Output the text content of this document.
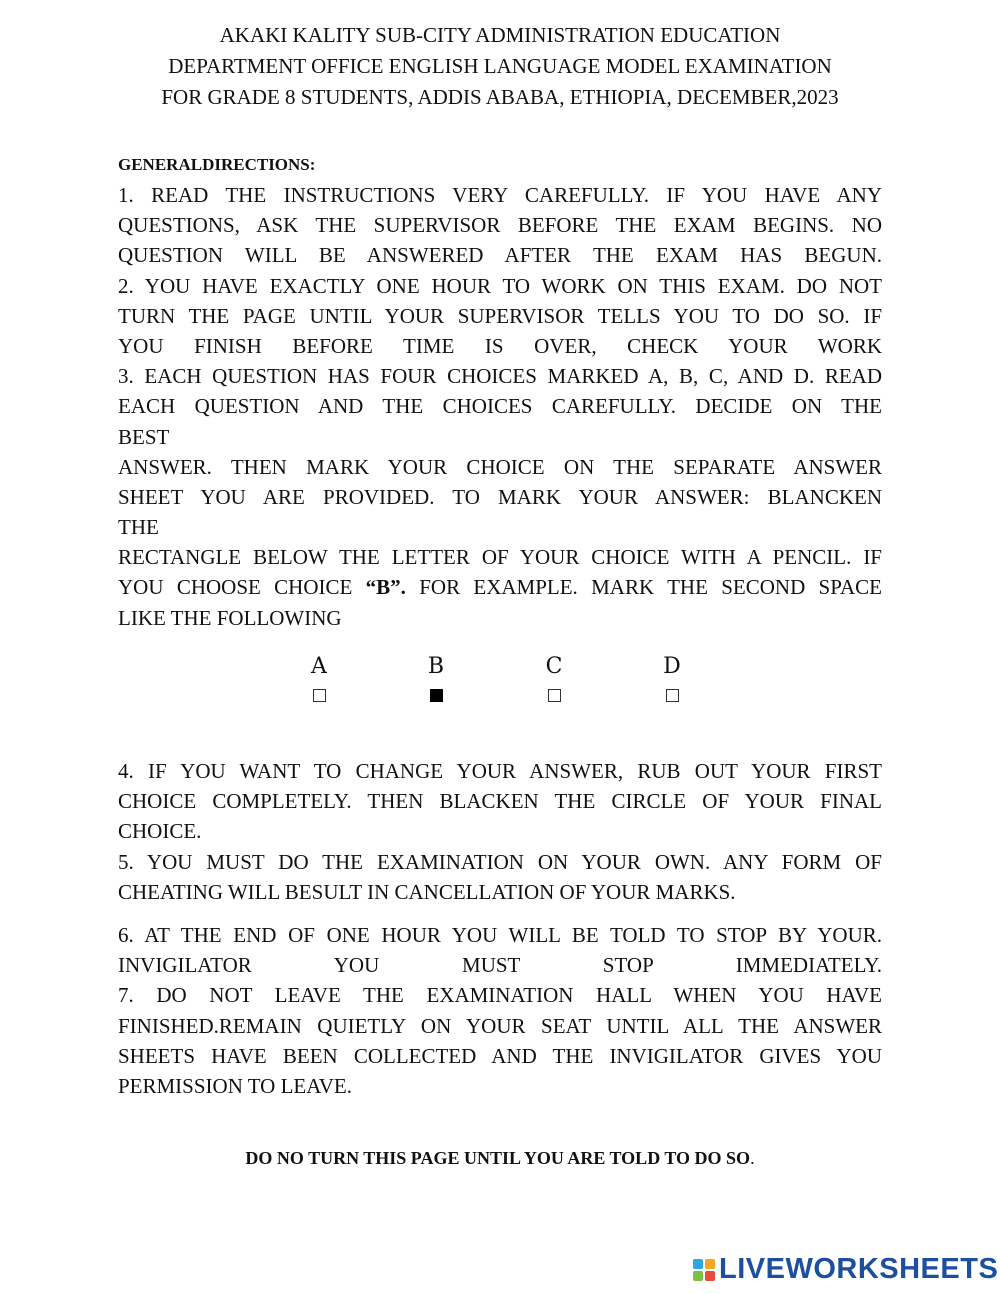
AKAKI KALITY SUB-CITY ADMINISTRATION EDUCATION
DEPARTMENT OFFICE ENGLISH LANGUAGE MODEL EXAMINATION
FOR GRADE 8 STUDENTS, ADDIS ABABA, ETHIOPIA, DECEMBER,2023
GENERALDIRECTIONS:
1. READ THE INSTRUCTIONS VERY CAREFULLY. IF YOU HAVE ANY
QUESTIONS, ASK THE SUPERVISOR BEFORE THE EXAM BEGINS. NO
QUESTION WILL BE ANSWERED AFTER THE EXAM HAS BEGUN.
2. YOU HAVE EXACTLY ONE HOUR TO WORK ON THIS EXAM. DO NOT
TURN THE PAGE UNTIL YOUR SUPERVISOR TELLS YOU TO DO SO. IF
YOU FINISH BEFORE TIME IS OVER, CHECK YOUR WORK
3. EACH QUESTION HAS FOUR CHOICES MARKED A, B, C, AND D. READ
EACH QUESTION AND THE CHOICES CAREFULLY. DECIDE ON THE
BEST
ANSWER. THEN MARK YOUR CHOICE ON THE SEPARATE ANSWER
SHEET YOU ARE PROVIDED. TO MARK YOUR ANSWER: BLANCKEN
THE
RECTANGLE BELOW THE LETTER OF YOUR CHOICE WITH A PENCIL. IF
YOU CHOOSE CHOICE “B”. FOR EXAMPLE. MARK THE SECOND SPACE
LIKE THE FOLLOWING
A	B	C	D
4. IF YOU WANT TO CHANGE YOUR ANSWER, RUB OUT YOUR FIRST
CHOICE COMPLETELY. THEN BLACKEN THE CIRCLE OF YOUR FINAL
CHOICE.
5. YOU MUST DO THE EXAMINATION ON YOUR OWN. ANY FORM OF
CHEATING WILL BESULT IN CANCELLATION OF YOUR MARKS.
6. AT THE END OF ONE HOUR YOU WILL BE TOLD TO STOP BY YOUR.
INVIGILATOR YOU MUST STOP IMMEDIATELY.
7. DO NOT LEAVE THE EXAMINATION HALL WHEN YOU HAVE
FINISHED.REMAIN QUIETLY ON YOUR SEAT UNTIL ALL THE ANSWER
SHEETS HAVE BEEN COLLECTED AND THE INVIGILATOR GIVES YOU
PERMISSION TO LEAVE.
DO NO TURN THIS PAGE UNTIL YOU ARE TOLD TO DO SO.
LIVEWORKSHEETS
